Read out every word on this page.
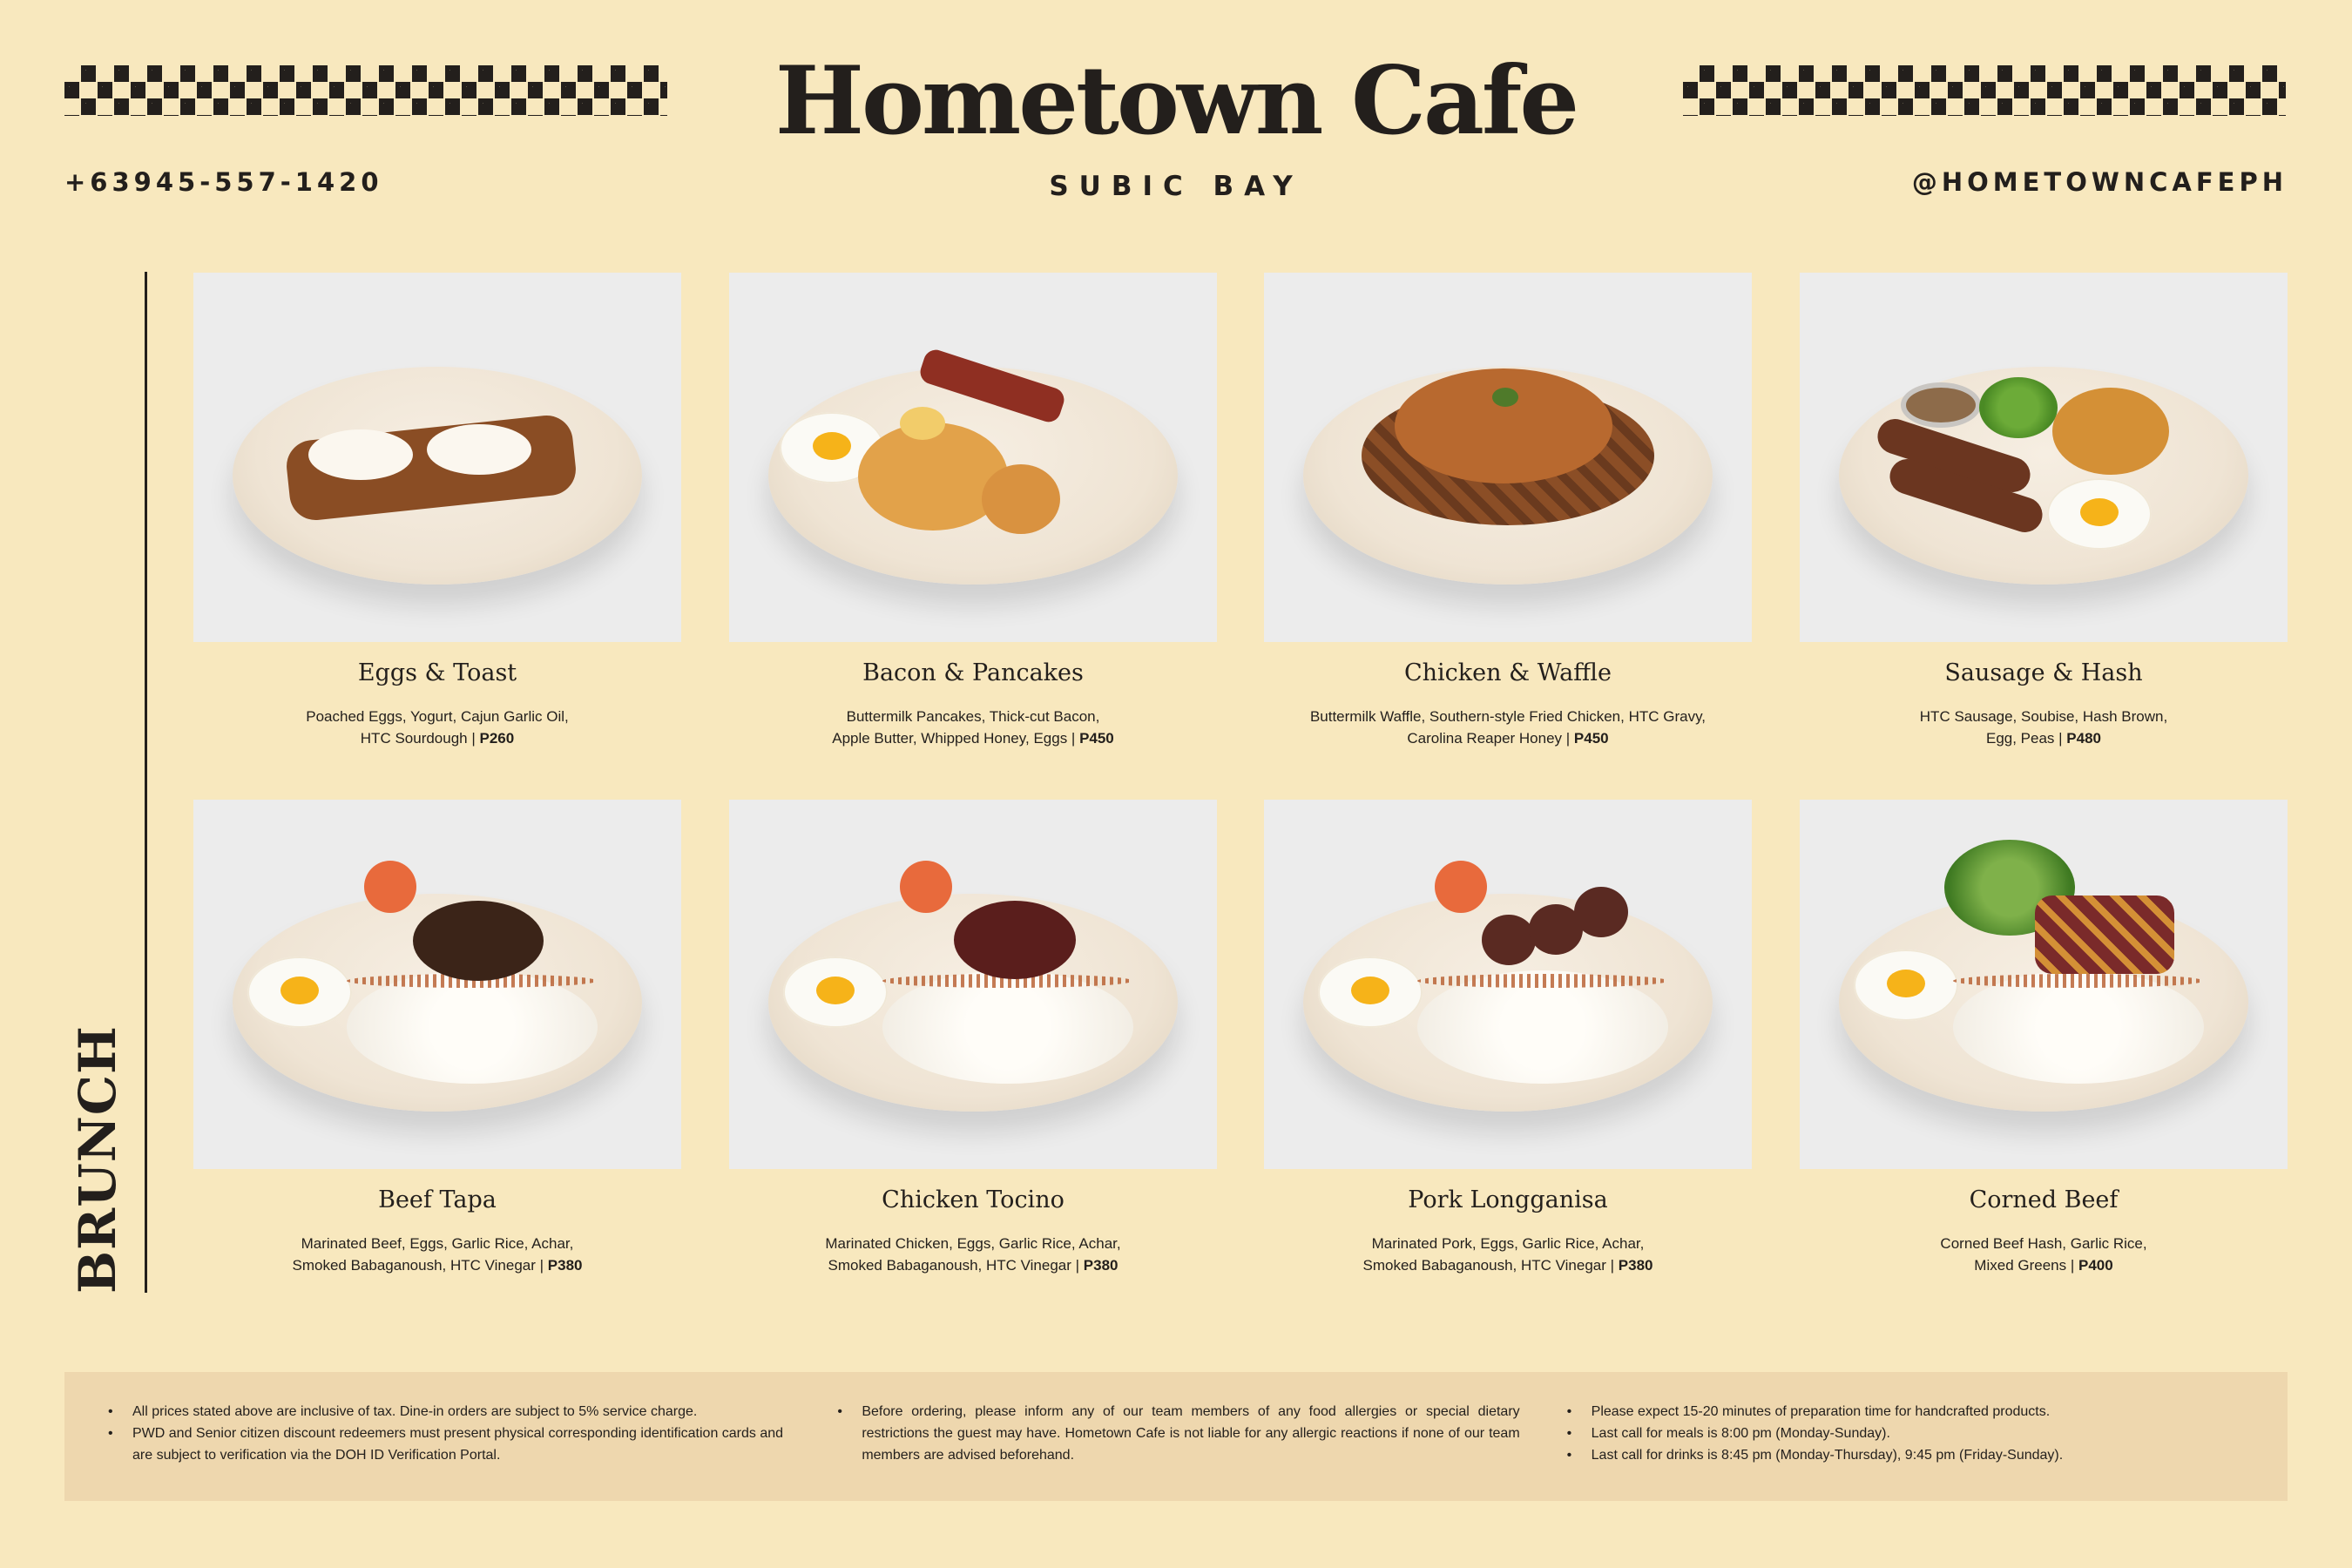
Hometown Cafe
SUBIC BAY
+63945-557-1420	@HOMETOWNCAFEPH
BRUNCH
Eggs & Toast
Poached Eggs, Yogurt, Cajun Garlic Oil,
HTC Sourdough | P260
Bacon & Pancakes
Buttermilk Pancakes, Thick-cut Bacon,
Apple Butter, Whipped Honey, Eggs | P450
Chicken & Waffle
Buttermilk Waffle, Southern-style Fried Chicken, HTC Gravy,
Carolina Reaper Honey | P450
Sausage & Hash
HTC Sausage, Soubise, Hash Brown,
Egg, Peas | P480
Beef Tapa
Marinated Beef, Eggs, Garlic Rice, Achar,
Smoked Babaganoush, HTC Vinegar | P380
Chicken Tocino
Marinated Chicken, Eggs, Garlic Rice, Achar,
Smoked Babaganoush, HTC Vinegar | P380
Pork Longganisa
Marinated Pork, Eggs, Garlic Rice, Achar,
Smoked Babaganoush, HTC Vinegar | P380
Corned Beef
Corned Beef Hash, Garlic Rice,
Mixed Greens | P400
• All prices stated above are inclusive of tax. Dine-in orders are subject to 5% service charge.
• PWD and Senior citizen discount redeemers must present physical corresponding identification cards and are subject to verification via the DOH ID Verification Portal.
• Before ordering, please inform any of our team members of any food allergies or special dietary restrictions the guest may have. Hometown Cafe is not liable for any allergic reactions if none of our team members are advised beforehand.
• Please expect 15-20 minutes of preparation time for handcrafted products.
• Last call for meals is 8:00 pm (Monday-Sunday).
• Last call for drinks is 8:45 pm (Monday-Thursday), 9:45 pm (Friday-Sunday).
